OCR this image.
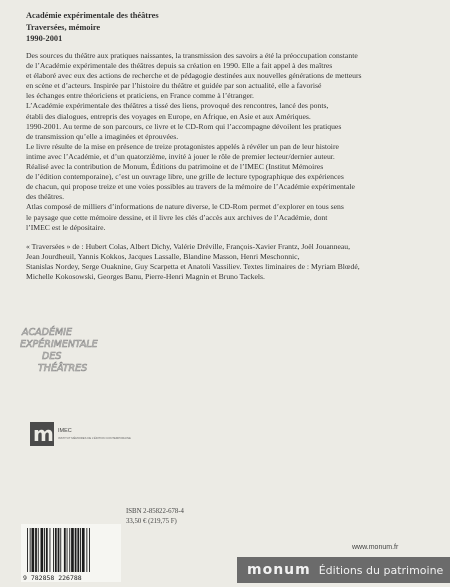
Académie expérimentale des théâtres
Traversées, mémoire
1990-2001

Des sources du théâtre aux pratiques naissantes, la transmission des savoirs a été la préoccupation constante
de l’Académie expérimentale des théâtres depuis sa création en 1990. Elle a fait appel à des maîtres
et élaboré avec eux des actions de recherche et de pédagogie destinées aux nouvelles générations de metteurs
en scène et d’acteurs. Inspirée par l’histoire du théâtre et guidée par son actualité, elle a favorisé
les échanges entre théoriciens et praticiens, en France comme à l’étranger.
L’Académie expérimentale des théâtres a tissé des liens, provoqué des rencontres, lancé des ponts,
établi des dialogues, entrepris des voyages en Europe, en Afrique, en Asie et aux Amériques.
1990-2001. Au terme de son parcours, ce livre et le CD-Rom qui l’accompagne dévoilent les pratiques
de transmission qu’elle a imaginées et éprouvées.
Le livre résulte de la mise en présence de treize protagonistes appelés à révéler un pan de leur histoire
intime avec l’Académie, et d’un quatorzième, invité à jouer le rôle de premier lecteur/dernier auteur.
Réalisé avec la contribution de Monum, Éditions du patrimoine et de l’IMEC (Institut Mémoires
de l’édition contemporaine), c’est un ouvrage libre, une grille de lecture typographique des expériences
de chacun, qui propose treize et une voies possibles au travers de la mémoire de l’Académie expérimentale
des théâtres.
Atlas composé de milliers d’informations de nature diverse, le CD-Rom permet d’explorer en tous sens
le paysage que cette mémoire dessine, et il livre les clés d’accès aux archives de l’Académie, dont
l’IMEC est le dépositaire.

« Traversées » de : Hubert Colas, Albert Dichy, Valérie Dréville, François-Xavier Frantz, Joël Jouanneau,
Jean Jourdheuil, Yannis Kokkos, Jacques Lassalle, Blandine Masson, Henri Meschonnic,
Stanislas Nordey, Serge Ouaknine, Guy Scarpetta et Anatoli Vassiliev. Textes liminaires de : Myriam Blœdé,
Michelle Kokosowski, Georges Banu, Pierre-Henri Magnin et Bruno Tackels.

ACADÉMIE
EXPÉRIMENTALE
DES
THÉÂTRES
m IMEC
INSTITUT MÉMOIRES DE L’ÉDITION CONTEMPORAINE
ISBN 2-85822-678-4
33,50 € (219,75 F)
9 782858 226788
www.monum.fr
monum Éditions du patrimoine
